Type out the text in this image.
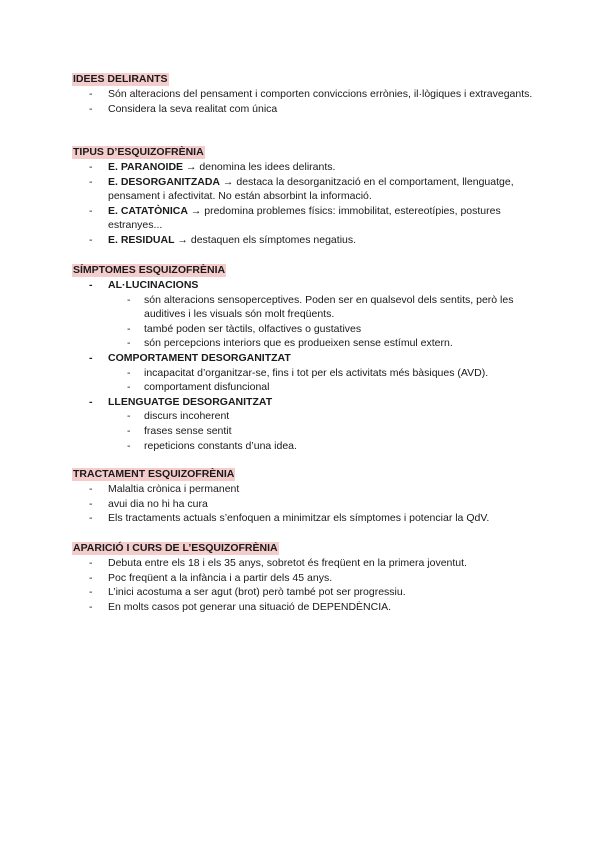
IDEES DELIRANTS
- Són alteracions del pensament i comporten conviccions errònies, il·lògiques i extravegants.
- Considera la seva realitat com única
TIPUS D’ESQUIZOFRÈNIA
- E. PARANOIDE → denomina les idees delirants.
- E. DESORGANITZADA → destaca la desorganització en el comportament, llenguatge, pensament i afectivitat. No están absorbint la informació.
- E. CATATÒNICA → predomina problemes físics: immobilitat, estereotípies, postures estranyes...
- E. RESIDUAL → destaquen els símptomes negatius.
SÍMPTOMES ESQUIZOFRÈNIA
- AL·LUCINACIONS
- són alteracions sensoperceptives. Poden ser en qualsevol dels sentits, però les auditives i les visuals són molt freqüents.
- també poden ser tàctils, olfactives o gustatives
- són percepcions interiors que es produeixen sense estímul extern.
- COMPORTAMENT DESORGANITZAT
- incapacitat d’organitzar-se, fins i tot per els activitats més bàsiques (AVD).
- comportament disfuncional
- LLENGUATGE DESORGANITZAT
- discurs incoherent
- frases sense sentit
- repeticions constants d’una idea.
TRACTAMENT ESQUIZOFRÈNIA
- Malaltia crònica i permanent
- avui dia no hi ha cura
- Els tractaments actuals s’enfoquen a minimitzar els símptomes i potenciar la QdV.
APARICIÓ I CURS DE L’ESQUIZOFRÈNIA
- Debuta entre els 18 i els 35 anys, sobretot és freqüent en la primera joventut.
- Poc freqüent a la infància i a partir dels 45 anys.
- L’inici acostuma a ser agut (brot) però també pot ser progressiu.
- En molts casos pot generar una situació de DEPENDÈNCIA.
